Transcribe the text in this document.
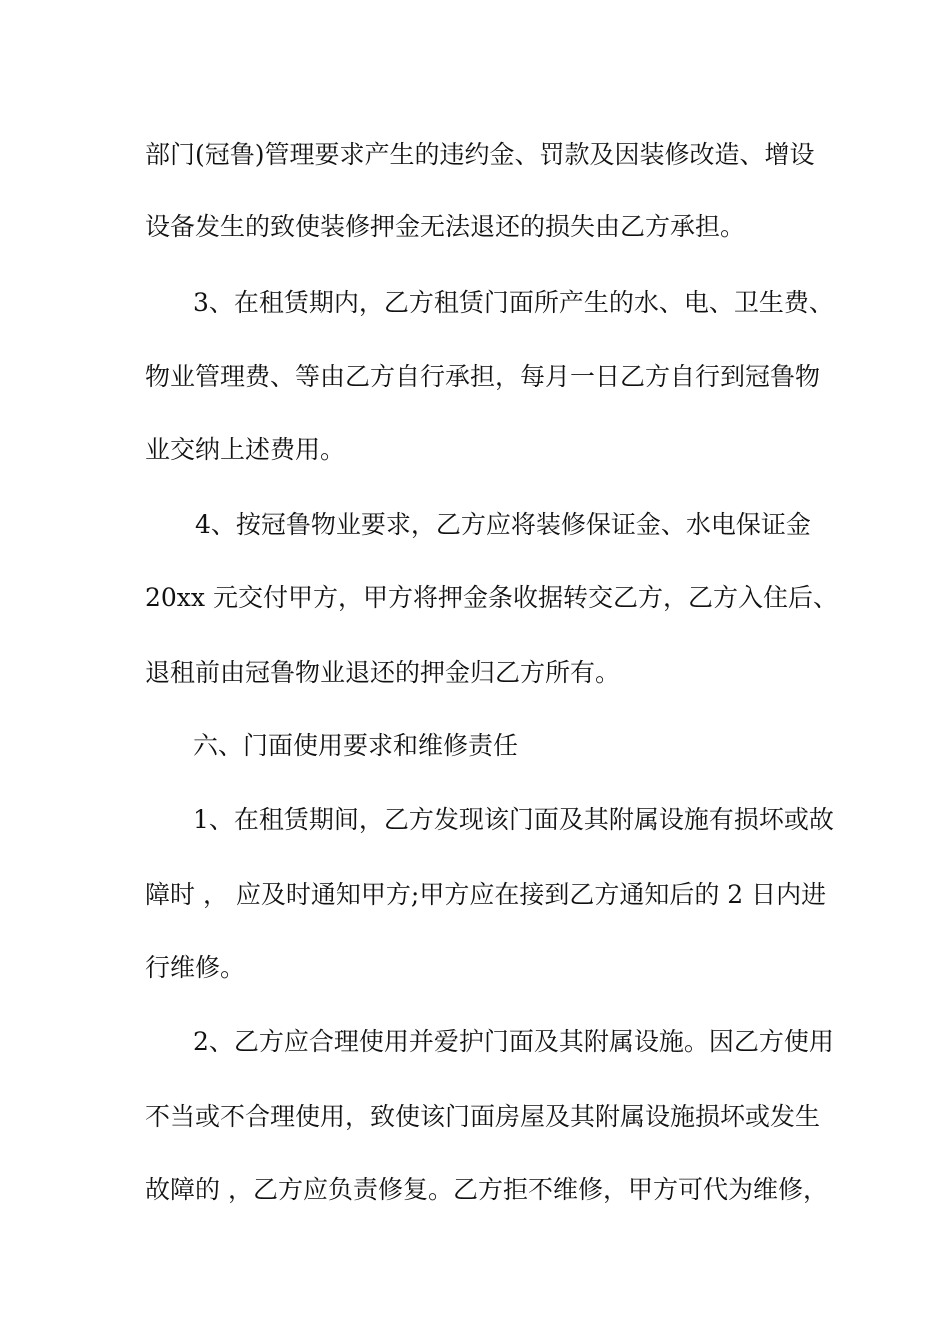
部门(冠鲁)管理要求产生的违约金、罚款及因装修改造、增设
设备发生的致使装修押金无法退还的损失由乙方承担。
3、在租赁期内，乙方租赁门面所产生的水、电、卫生费、
物业管理费、等由乙方自行承担，每月一日乙方自行到冠鲁物
业交纳上述费用。
4、按冠鲁物业要求，乙方应将装修保证金、水电保证金
20xx 元交付甲方，甲方将押金条收据转交乙方，乙方入住后、
退租前由冠鲁物业退还的押金归乙方所有。
六、门面使用要求和维修责任
1、在租赁期间，乙方发现该门面及其附属设施有损坏或故
障时 ， 应及时通知甲方;甲方应在接到乙方通知后的 2 日内进
行维修。
2、乙方应合理使用并爱护门面及其附属设施。因乙方使用
不当或不合理使用，致使该门面房屋及其附属设施损坏或发生
故障的 ，乙方应负责修复。乙方拒不维修，甲方可代为维修，
